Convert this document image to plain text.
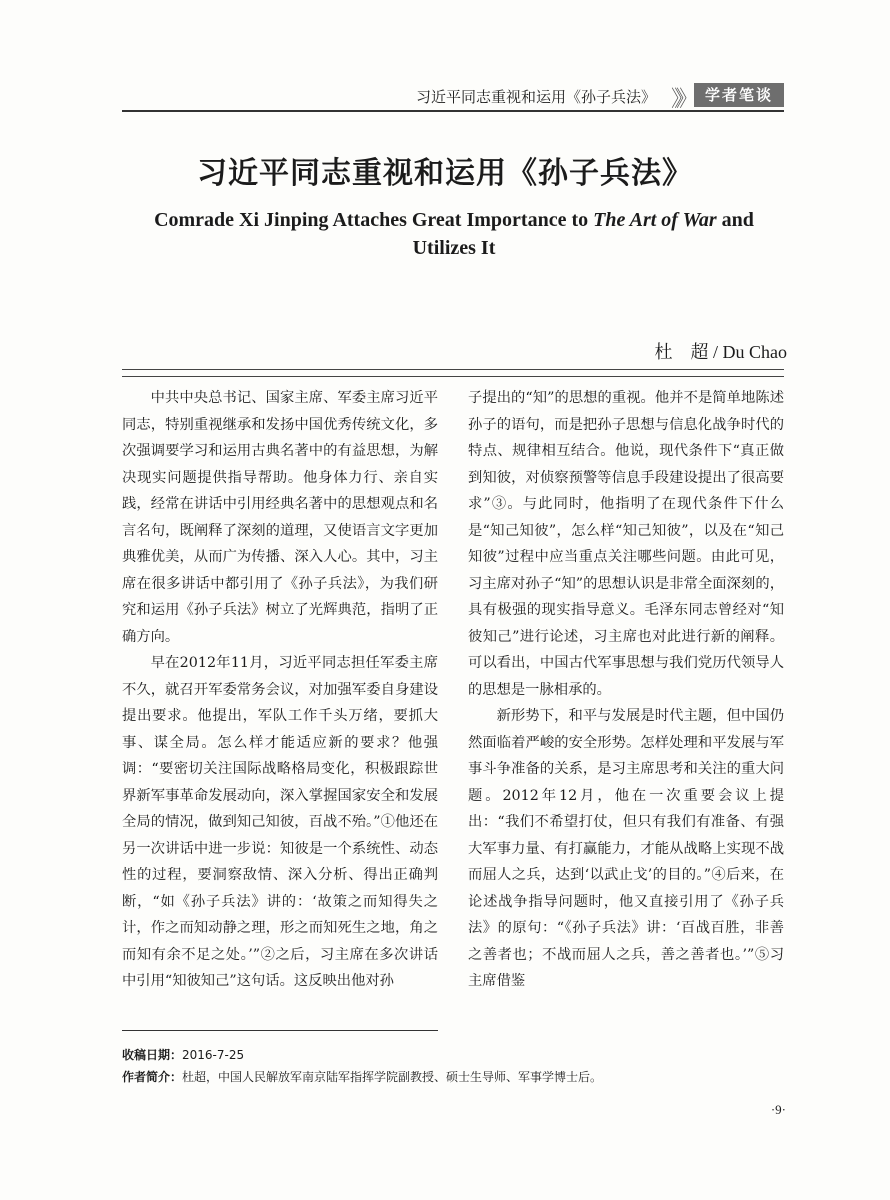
习近平同志重视和运用《孙子兵法》 》》 学者笔谈
习近平同志重视和运用《孙子兵法》
Comrade Xi Jinping Attaches Great Importance to The Art of War and Utilizes It
杜　超 / Du Chao

中共中央总书记、国家主席、军委主席习近平同志，特别重视继承和发扬中国优秀传统文化，多次强调要学习和运用古典名著中的有益思想，为解决现实问题提供指导帮助。他身体力行、亲自实践，经常在讲话中引用经典名著中的思想观点和名言名句，既阐释了深刻的道理，又使语言文字更加典雅优美，从而广为传播、深入人心。其中，习主席在很多讲话中都引用了《孙子兵法》，为我们研究和运用《孙子兵法》树立了光辉典范，指明了正确方向。

早在2012年11月，习近平同志担任军委主席不久，就召开军委常务会议，对加强军委自身建设提出要求。他提出，军队工作千头万绪，要抓大事、谋全局。怎么样才能适应新的要求？他强调：“要密切关注国际战略格局变化，积极跟踪世界新军事革命发展动向，深入掌握国家安全和发展全局的情况，做到知己知彼，百战不殆。”①他还在另一次讲话中进一步说：知彼是一个系统性、动态性的过程，要洞察敌情、深入分析、得出正确判断，“如《孙子兵法》讲的：‘故策之而知得失之计，作之而知动静之理，形之而知死生之地，角之而知有余不足之处。’”②之后，习主席在多次讲话中引用“知彼知己”这句话。这反映出他对孙

子提出的“知”的思想的重视。他并不是简单地陈述孙子的语句，而是把孙子思想与信息化战争时代的特点、规律相互结合。他说，现代条件下“真正做到知彼，对侦察预警等信息手段建设提出了很高要求”③。与此同时，他指明了在现代条件下什么是“知己知彼”，怎么样“知己知彼”，以及在“知己知彼”过程中应当重点关注哪些问题。由此可见，习主席对孙子“知”的思想认识是非常全面深刻的，具有极强的现实指导意义。毛泽东同志曾经对“知彼知己”进行论述，习主席也对此进行新的阐释。可以看出，中国古代军事思想与我们党历代领导人的思想是一脉相承的。

新形势下，和平与发展是时代主题，但中国仍然面临着严峻的安全形势。怎样处理和平发展与军事斗争准备的关系，是习主席思考和关注的重大问题。2012年12月，他在一次重要会议上提出：“我们不希望打仗，但只有我们有准备、有强大军事力量、有打赢能力，才能从战略上实现不战而屈人之兵，达到‘以武止戈’的目的。”④后来，在论述战争指导问题时，他又直接引用了《孙子兵法》的原句：“《孙子兵法》讲：‘百战百胜，非善之善者也；不战而屈人之兵，善之善者也。’”⑤习主席借鉴

收稿日期：2016-7-25
作者简介：杜超，中国人民解放军南京陆军指挥学院副教授、硕士生导师、军事学博士后。
·9·
